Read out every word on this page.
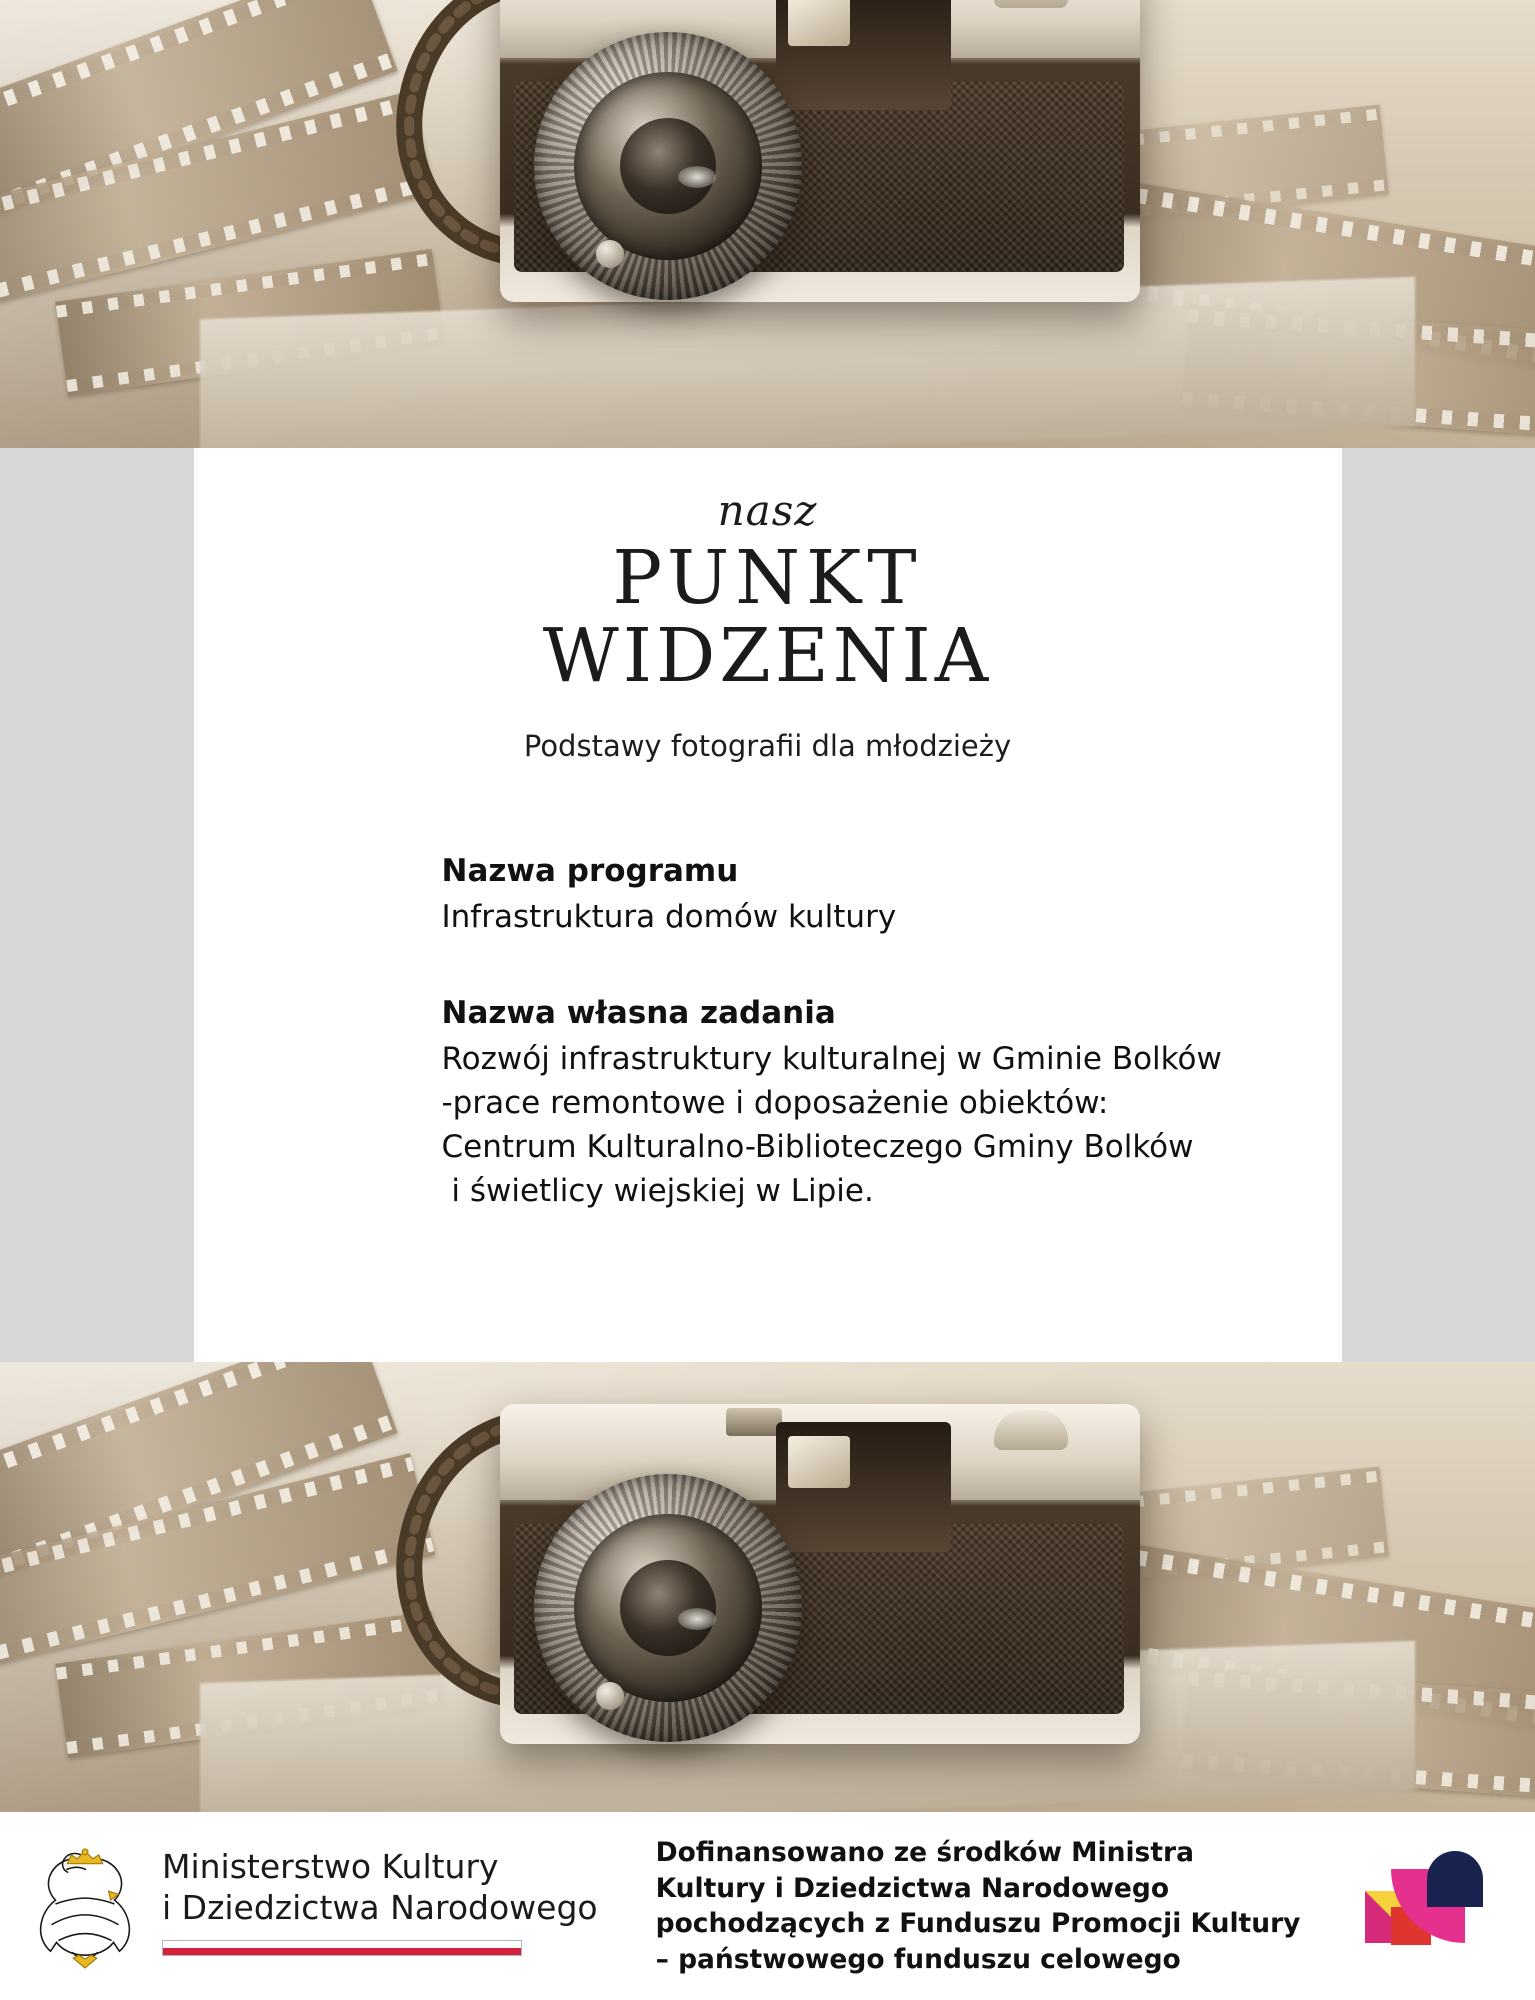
nasz
PUNKT
WIDZENIA
Podstawy fotografii dla młodzieży
Nazwa programu
Infrastruktura domów kultury
Nazwa własna zadania
Rozwój infrastruktury kulturalnej w Gminie Bolków
-prace remontowe i doposażenie obiektów:
Centrum Kulturalno-Biblioteczego Gminy Bolków
i świetlicy wiejskiej w Lipie.
Ministerstwo Kultury
i Dziedzictwa Narodowego
Dofinansowano ze środków Ministra
Kultury i Dziedzictwa Narodowego
pochodzących z Funduszu Promocji Kultury
– państwowego funduszu celowego
